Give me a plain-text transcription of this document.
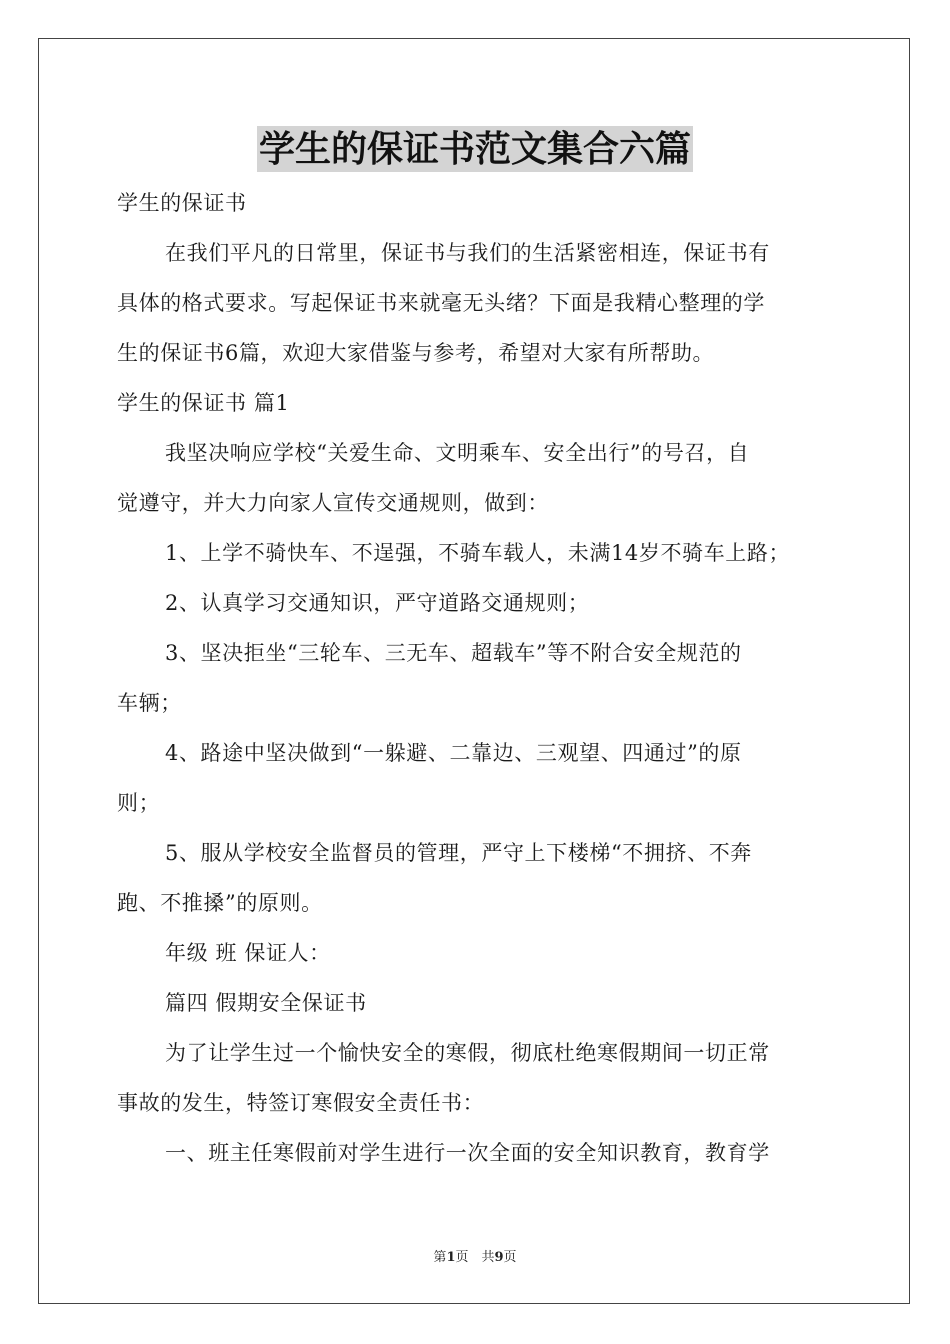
学生的保证书范文集合六篇
学生的保证书
在我们平凡的日常里，保证书与我们的生活紧密相连，保证书有
具体的格式要求。写起保证书来就毫无头绪？下面是我精心整理的学
生的保证书6篇，欢迎大家借鉴与参考，希望对大家有所帮助。
学生的保证书 篇1
我坚决响应学校“关爱生命、文明乘车、安全出行”的号召，自
觉遵守，并大力向家人宣传交通规则，做到：
1、上学不骑快车、不逞强，不骑车载人，未满14岁不骑车上路；
2、认真学习交通知识，严守道路交通规则；
3、坚决拒坐“三轮车、三无车、超载车”等不附合安全规范的
车辆；
4、路途中坚决做到“一躲避、二靠边、三观望、四通过”的原
则；
5、服从学校安全监督员的管理，严守上下楼梯“不拥挤、不奔
跑、不推搡”的原则。
年级 班 保证人：
篇四 假期安全保证书
为了让学生过一个愉快安全的寒假，彻底杜绝寒假期间一切正常
事故的发生，特签订寒假安全责任书：
一、班主任寒假前对学生进行一次全面的安全知识教育，教育学
第1页　共9页
